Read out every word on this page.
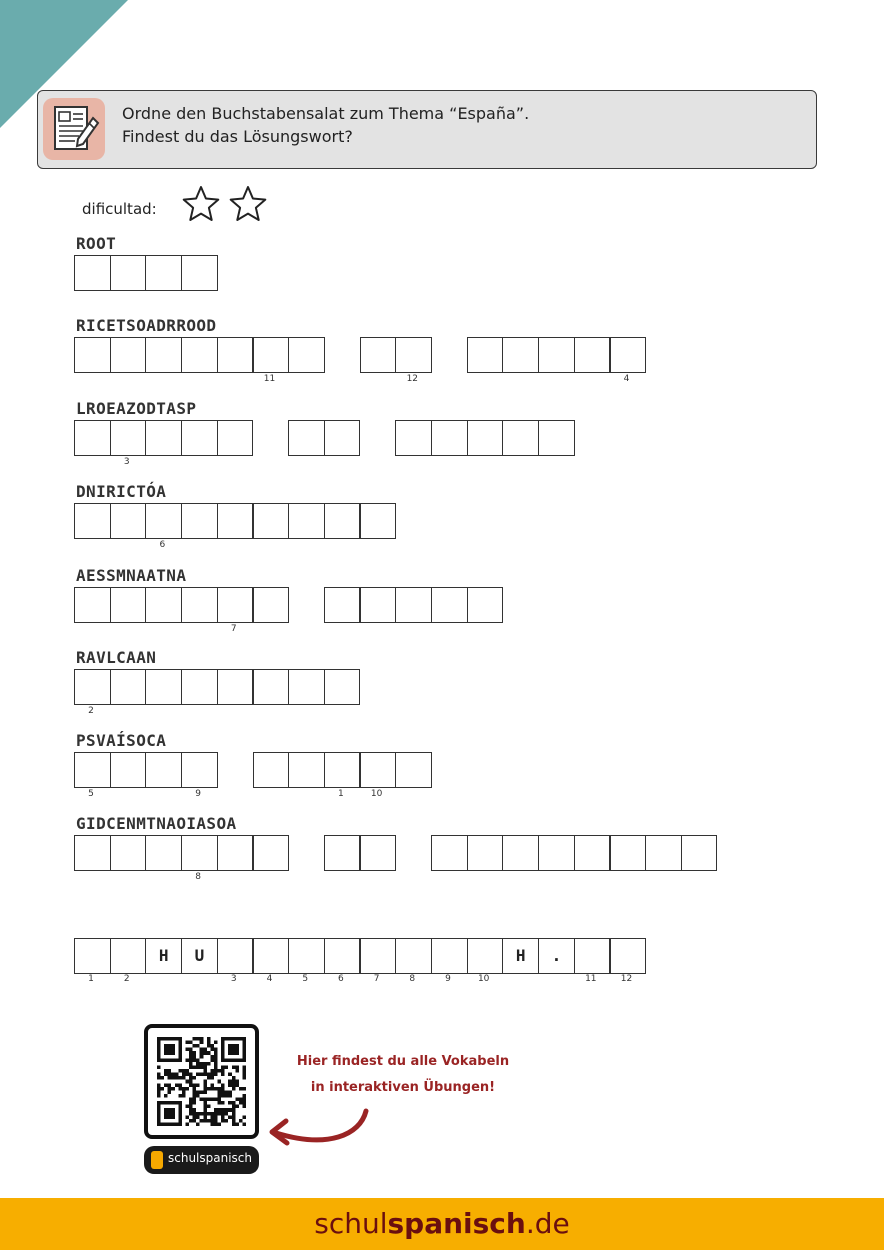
Ordne den Buchstabensalat zum Thema “España”.
Findest du das Lösungswort?
dificultad:
ROOT
RICETSOADRROOD
11	12	4
LROEAZODTASP
3
DNIRICTÓA
6
AESSMNAATNA
7
RAVLCAAN
2
PSVAÍSOCA
5	9	1	10
GIDCENMTNAOIASOA
8
1	2
H	U
3	4	5	6	7	8	9	10
H	.
11	12
schulspanisch
Hier findest du alle Vokabeln
in interaktiven Übungen!
schulspanisch.de
